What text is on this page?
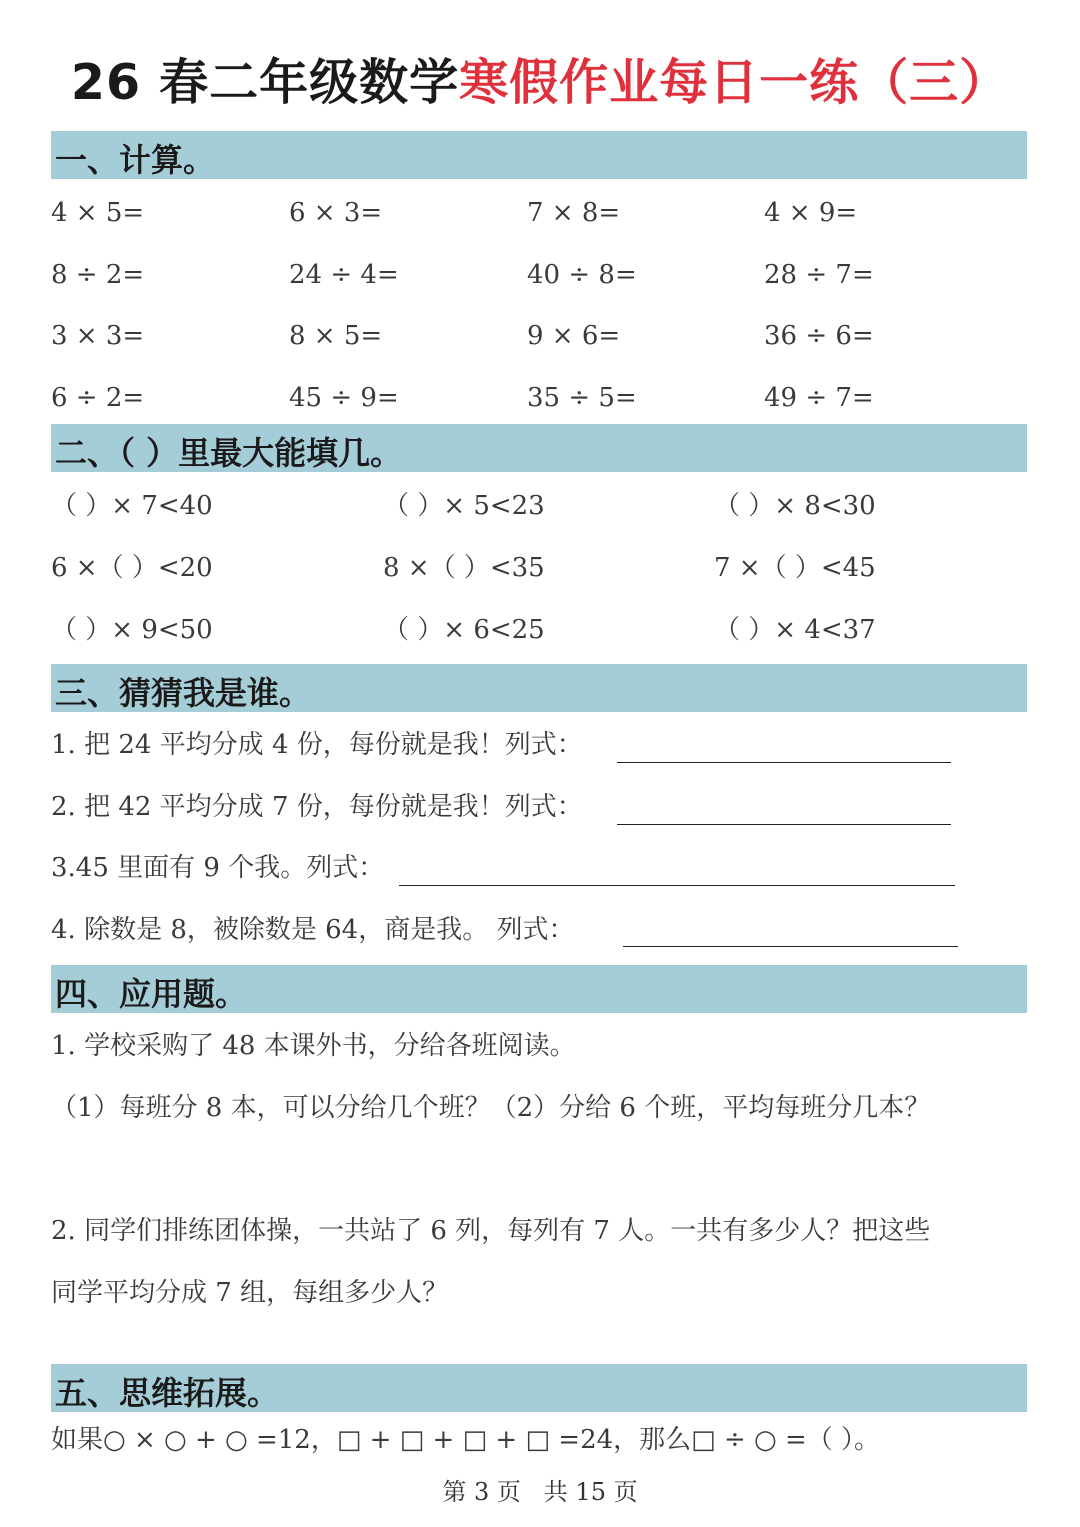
26 春二年级数学寒假作业每日一练（三）
一、计算。
4 × 5=	6 × 3=	7 × 8=	4 × 9=
8 ÷ 2=	24 ÷ 4=	40 ÷ 8=	28 ÷ 7=
3 × 3=	8 × 5=	9 × 6=	36 ÷ 6=
6 ÷ 2=	45 ÷ 9=	35 ÷ 5=	49 ÷ 7=
二、（ ）里最大能填几。
（ ）× 7<40	（ ）× 5<23	（ ）× 8<30
6 ×（ ）<20	8 ×（ ）<35	7 ×（ ）<45
（ ）× 9<50	（ ）× 6<25	（ ）× 4<37
三、猜猜我是谁。
1. 把 24 平均分成 4 份，每份就是我！列式：
2. 把 42 平均分成 7 份，每份就是我！列式：
3.45 里面有 9 个我。列式：
4. 除数是 8，被除数是 64，商是我。 列式：
四、应用题。
1. 学校采购了 48 本课外书，分给各班阅读。
（1）每班分 8 本，可以分给几个班？（2）分给 6 个班，平均每班分几本？
2. 同学们排练团体操，一共站了 6 列，每列有 7 人。一共有多少人？把这些
同学平均分成 7 组，每组多少人？
五、思维拓展。
如果○ × ○ + ○ =12，□ + □ + □ + □ =24，那么□ ÷ ○ =（ ）。
第 3 页   共 15 页
